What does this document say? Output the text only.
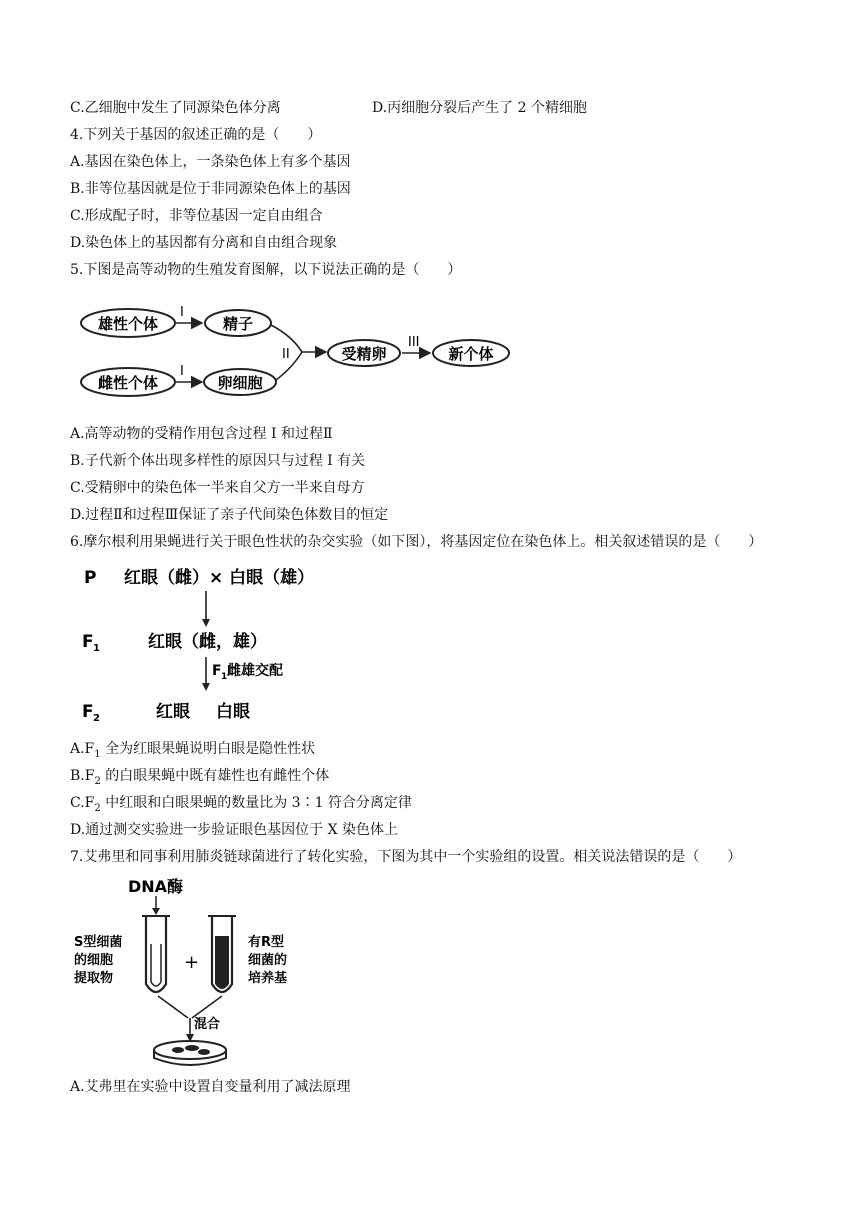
C.乙细胞中发生了同源染色体分离	D.丙细胞分裂后产生了 2 个精细胞
4.下列关于基因的叙述正确的是（　　）
A.基因在染色体上，一条染色体上有多个基因
B.非等位基因就是位于非同源染色体上的基因
C.形成配子时，非等位基因一定自由组合
D.染色体上的基因都有分离和自由组合现象
5.下图是高等动物的生殖发育图解，以下说法正确的是（　　）
雄性个体
雌性个体
I
I
精子
卵细胞
II	受精卵
III
新个体
A.高等动物的受精作用包含过程 I 和过程Ⅱ
B.子代新个体出现多样性的原因只与过程 I 有关
C.受精卵中的染色体一半来自父方一半来自母方
D.过程Ⅱ和过程Ⅲ保证了亲子代间染色体数目的恒定
6.摩尔根利用果蝇进行关于眼色性状的杂交实验（如下图），将基因定位在染色体上。相关叙述错误的是（　　）
P 红眼（雌）× 白眼（雄）
F 1	红眼（雌，雄）
F 1 雌雄交配
F 2	红眼 白眼
$A.F_1$ 全为红眼果蝇说明白眼是隐性性状
$B.F_2$ 的白眼果蝇中既有雄性也有雌性个体
$C.F_2$ 中红眼和白眼果蝇的数量比为 3∶1 符合分离定律
D.通过测交实验进一步验证眼色基因位于 X 染色体上
7.艾弗里和同事利用肺炎链球菌进行了转化实验，下图为其中一个实验组的设置。相关说法错误的是（　　）
DNA酶
S型细菌
的细胞
提取物
+
有R型
细菌的
培养基
混合
A.艾弗里在实验中设置自变量利用了减法原理
